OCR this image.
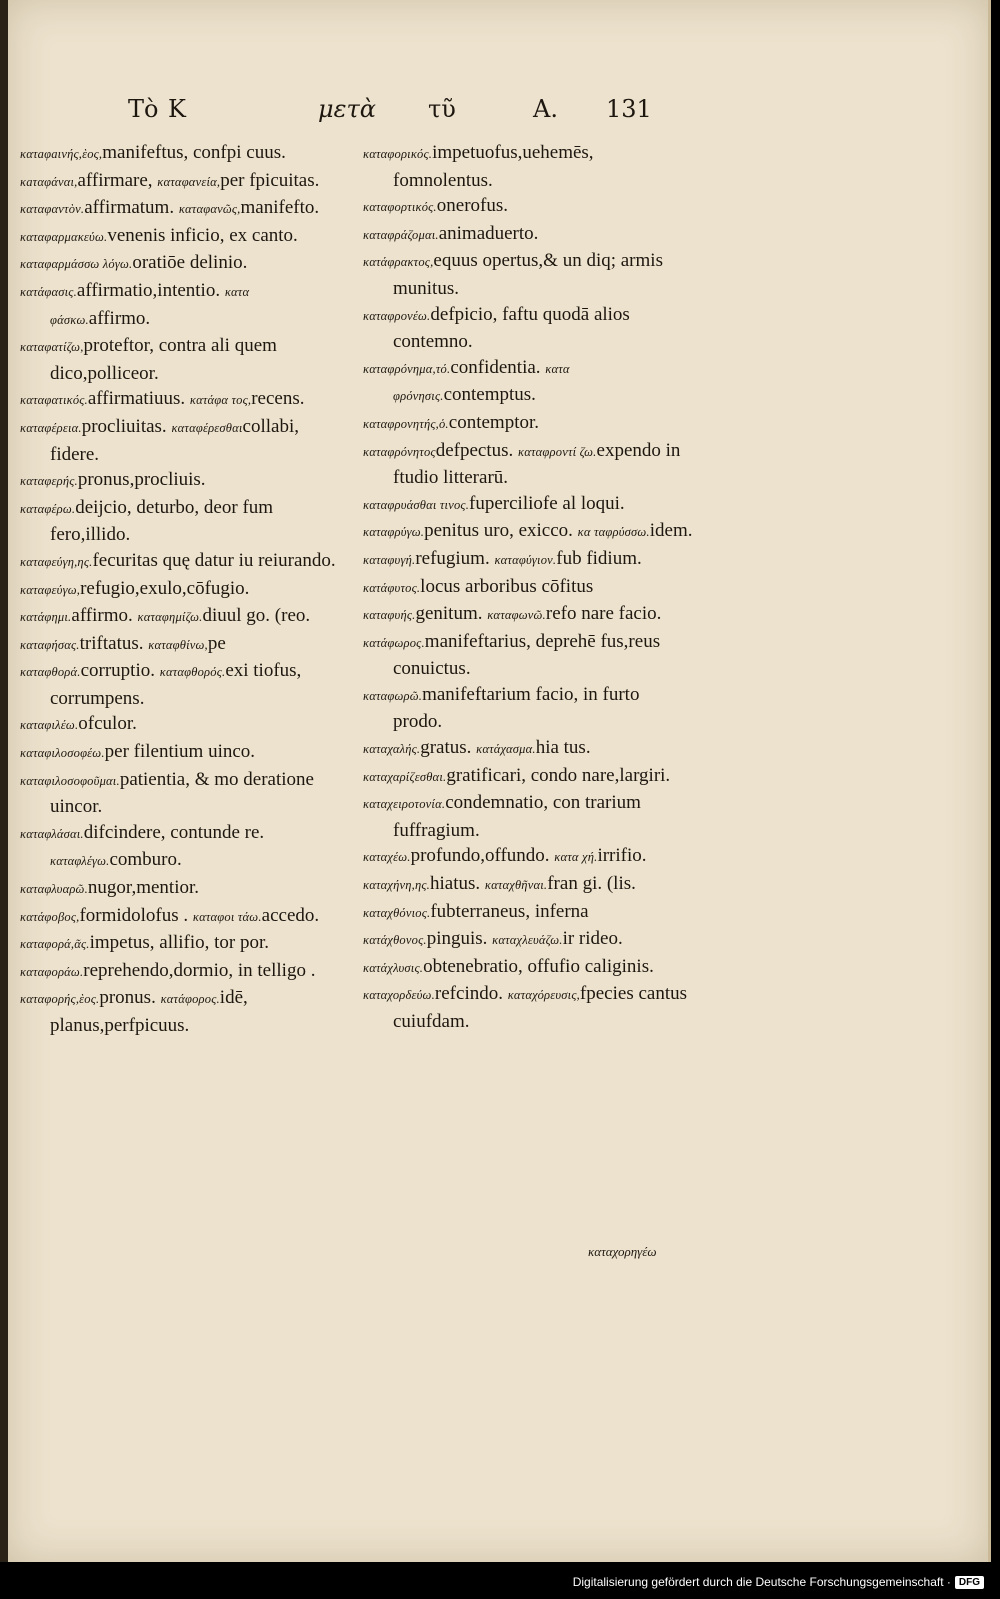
Τὸ K	μετὰ τῦ	A. 131

κατaφaινής,ὲος,manifeftus, confpi cuus.

κaταφάναι,affirmare, καταφανεία,per fpicuitas.

καταφαντὸν.affirmatum. καταφανῶς,manifefto.

καταφαρμακεύω.venenis inficio, ex canto.

καταφαρμάσσω λόγω.oratiōe delinio.

κατάφασις.affirmatio,intentio. κατα φάσκω.affirmo.

καταφατίζω,proteftor, contra ali quem dico,polliceor.

καταφατικός.affirmatiuus. κατάφα τος,recens.

καταφέρεια.procliuitas. καταφέρεσθαιcollabi, fidere.

καταφερής.pronus,procliuis.

καταφέρω.deijcio, deturbo, deor fum fero,illido.

καταφεύγη,ης.fecuritas quę datur iu reiurando.

καταφεύγω,refugio,exulo,cōfugio.

κατάφημι.affirmo. καταφημίζω.diuul go. (reo.

καταφήσας.triftatus. καταφθίνω,pe

καταφθορά.corruptio. καταφθορός.exi tiofus, corrumpens.

καταφιλέω.ofculor.

καταφιλοσοφέω.per filentium uinco.

καταφιλοσοφοῦμαι.patientia, & mo deratione uincor.

καταφλάσαι.difcindere, contunde re. καταφλέγω.comburo.

καταφλυαρῶ.nugor,mentior.

κατάφοβος,formidolofus . καταφοι τάω.accedo.

καταφορά,ᾶς.impetus, allifio, tor por.

καταφοράω.reprehendo,dormio, in telligo .

καταφορής,ὲος.pronus. κατάφορος.idē, planus,perfpicuus.

καταφορικός.impetuofus,uehemēs, fomnolentus.

καταφορτικός.onerofus.

καταφράζομαι.animaduerto.

κατάφρακτος,equus opertus,& un diq; armis munitus.

καταφρονέω.defpicio, faftu quodā alios contemno.

καταφρόνημα,τό.confidentia. κατα φρόνησις.contemptus.

καταφρονητής,ὁ.contemptor.

καταφρόνητοςdefpectus. καταφροντί ζω.expendo in ftudio litterarū.

καταφρυάσθαι τινος.fuperciliofe al loqui.

καταφρύγω.penitus uro, exicco. κα ταφρύσσω.idem.

καταφυγή.refugium. καταφύγιον.fub fidium.

κατάφυτος.locus arboribus cōfitus

καταφυής.genitum. καταφωνῶ.refo nare facio.

κατάφωρος.manifeftarius, deprehē fus,reus conuictus.

καταφωρῶ.manifeftarium facio, in furto prodo.

καταχαλής.gratus. κατάχασμα.hia tus.

καταχαρίζεσθαι.gratificari, condo nare,largiri.

καταχειροτονία.condemnatio, con trarium fuffragium.

καταχέω.profundo,offundo. κατα χή.irrifio.

καταχήνη,ης.hiatus. καταχθῆναι.fran gi. (lis.

καταχθόνιος.fubterraneus, inferna

κατάχθονος.pinguis. καταχλευάζω.ir rideo.

κατάχλυσις.obtenebratio, offufio caliginis.

καταχορδεύω.refcindo. καταχόρευσις,fpecies cantus cuiufdam.

καταχορηγέω
Digitalisierung gefördert durch die Deutsche Forschungsgemeinschaft · DFG
